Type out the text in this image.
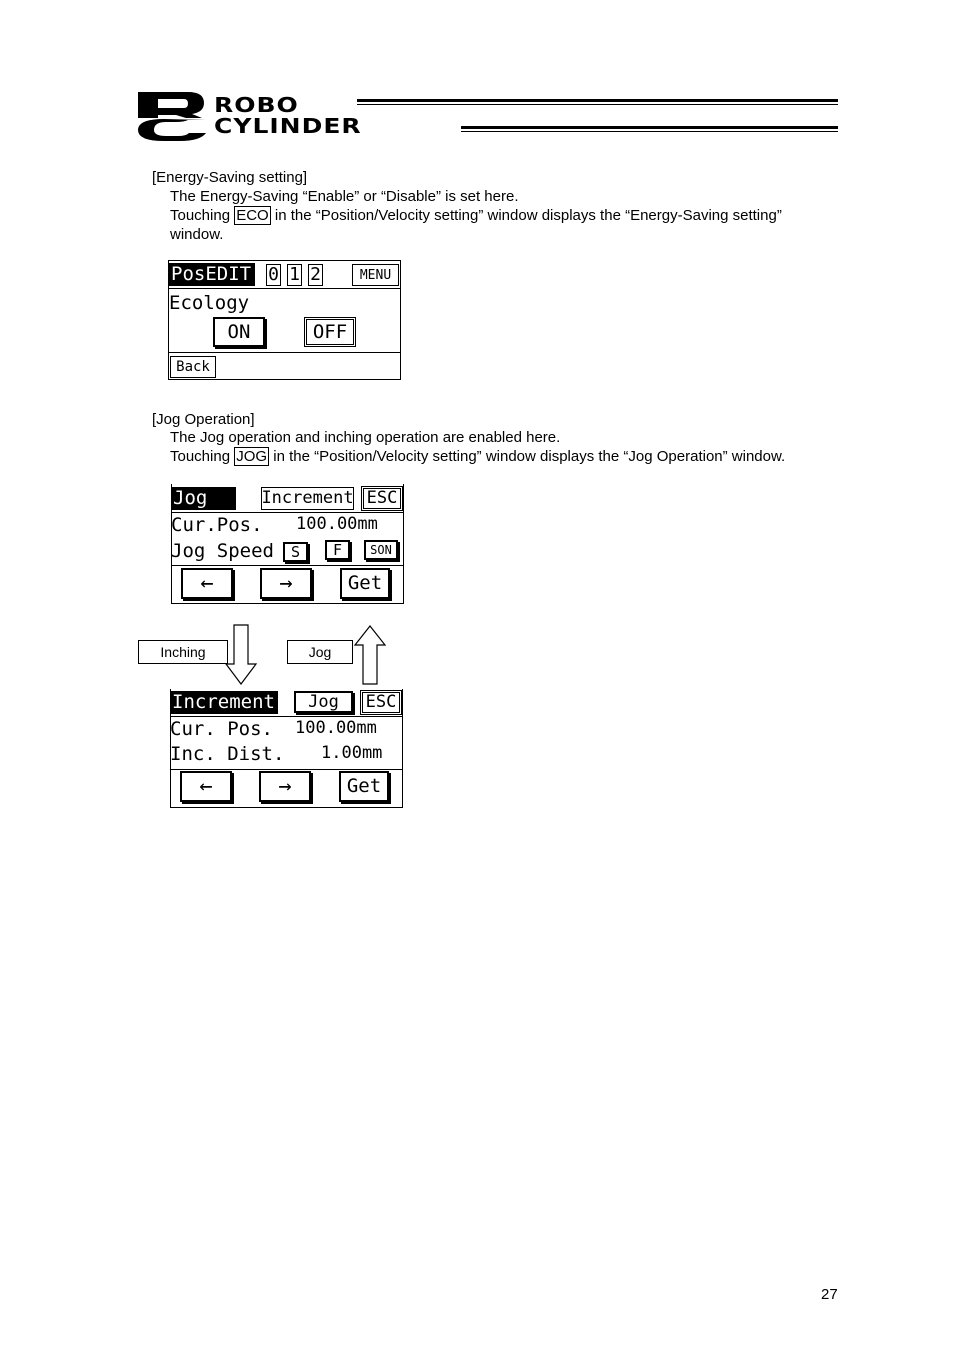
ROBO
CYLINDER
[Energy-Saving setting]
The Energy-Saving “Enable” or “Disable” is set here.
Touching ECO in the “Position/Velocity setting” window displays the “Energy-Saving setting”
window.
PosEDIT 0 1 2	MENU
Ecology
ON	OFF
Back
[Jog Operation]
The Jog operation and inching operation are enabled here.
Touching JOG in the “Position/Velocity setting” window displays the “Jog Operation” window.
Jog	Increment ESC
Cur.Pos. 100.00mm
Jog Speed	S	F	SON
←	→	Get
Inching	Jog
Increment	Jog	ESC
Cur. Pos. 100.00mm
Inc. Dist. 1.00mm
←	→	Get
27
